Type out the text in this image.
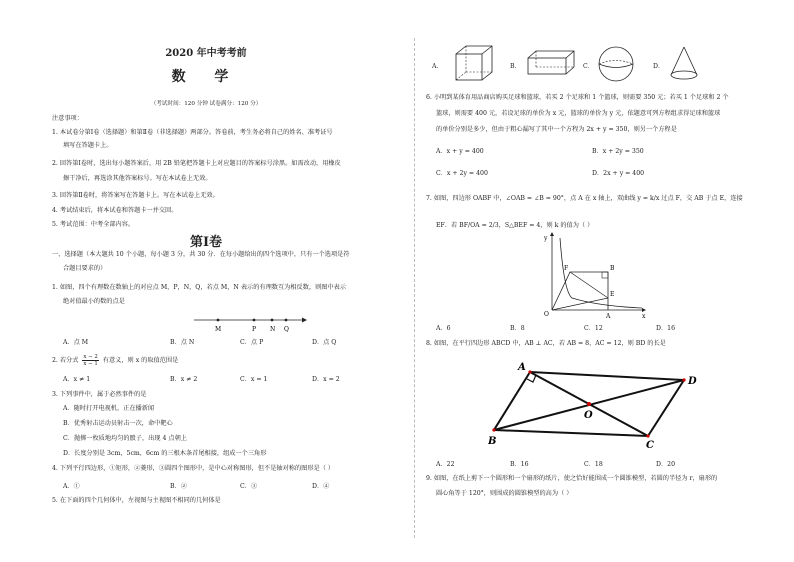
2020 年中考考前
数 学
（考试时间：120 分钟 试卷满分：120 分）
注意事项：
1. 本试卷分第Ⅰ卷（选择题）和第Ⅱ卷（非选择题）两部分。答卷前，考生务必将自己的姓名、准考证号
填写在答题卡上。
2. 回答第Ⅰ卷时，选出每小题答案后，用 2B 铅笔把答题卡上对应题目的答案标号涂黑。如需改动，用橡皮
擦干净后，再选涂其他答案标号。写在本试卷上无效。
3. 回答第Ⅱ卷时，将答案写在答题卡上。写在本试卷上无效。
4. 考试结束后，将本试卷和答题卡一并交回。
5. 考试范围：中考全部内容。
第Ⅰ卷
一、选择题（本大题共 10 个小题，每小题 3 分，共 30 分．在每小题给出的四个选项中，只有一个选项是符
合题目要求的）
1. 如图，四个有理数在数轴上的对应点 M，P，N，Q，若点 M，N 表示的有理数互为相反数，则图中表示
绝对值最小的数的点是
M	P N Q
A．点 M	B．点 N	C．点 P	D．点 Q
2. 若分式 $\frac{x - 2}{x - 1}$ 有意义，则 x 的取值范围是
A．x ≠ 1	B．x ≠ 2	C．x = 1	D．x = 2
3. 下列事件中，属于必然事件的是
A．随时打开电视机，正在播新闻
B．优秀射击运动员射击一次，命中靶心
C．抛掷一枚质地均匀的骰子，出现 4 点朝上
D．长度分别是 3cm，5cm，6cm 的三根木条首尾相接，组成一个三角形
4. 下列平行四边形，①矩形，②菱形，③圆四个图形中，是中心对称图形，但不是轴对称的图形是（ ）
A．①	B．②	C．③	D．④
5. 在下面的四个几何体中，左视图与主视图不相同的几何体是
A．	B．	C．	D．
6. 小明到某体育用品商店购买足球和篮球，若买 2 个足球和 1 个篮球，则需要 350 元；若买 1 个足球和 2 个
篮球，则需要 400 元，若设足球的单价为 x 元，篮球的单价为 y 元，依题意可列方程组求得足球和篮球
的单价分别是多少，但由于粗心漏写了其中一个方程为 2x + y = 350，则另一个方程是
A．x + y = 400	B．x + 2y = 350
C．x + 2y = 400	D．2x + y = 400
7. 如图，四边形 OABF 中，∠OAB = ∠B = 90°，点 A 在 x 轴上，双曲线 y = k/x 过点 F，交 AB 于点 E，连接
EF．若 BF/OA = 2/3，S△BEF = 4，则 k 的值为（ ）
y
F	B
E
O	A	x
A．6	B．8	C．12	D．16
8. 如图，在平行四边形 ABCD 中，AB ⊥ AC，若 AB = 8，AC = 12，则 BD 的长是
A
D
O
B	C
A．22	B．16	C．18	D．20
9. 如图，在纸上剪下一个圆形和一个扇形的纸片，使之恰好能围成一个圆锥模型，若圆的半径为 r，扇形的
圆心角等于 120°，则围成的圆锥模型的高为（ ）
